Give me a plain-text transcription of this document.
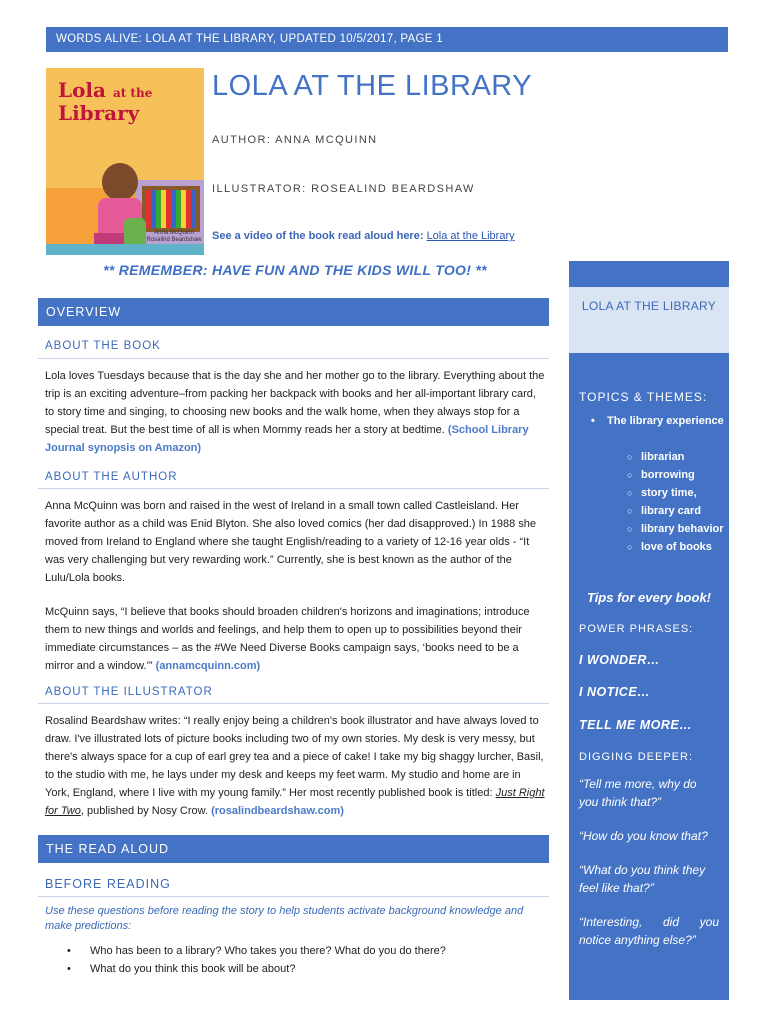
WORDS ALIVE: LOLA AT THE LIBRARY, UPDATED 10/5/2017, PAGE 1
Lola at the
Library
Anna McQuinn
Rosalind Beardshaw
LOLA AT THE LIBRARY
AUTHOR: ANNA MCQUINN
ILLUSTRATOR: ROSEALIND BEARDSHAW
See a video of the book read aloud here: Lola at the Library
** REMEMBER: HAVE FUN AND THE KIDS WILL TOO! **
OVERVIEW
ABOUT THE BOOK
Lola loves Tuesdays because that is the day she and her mother go to the library. Everything about the trip is an exciting adventure–from packing her backpack with books and her all-important library card, to story time and singing, to choosing new books and the walk home, when they always stop for a special treat. But the best time of all is when Mommy reads her a story at bedtime. (School Library Journal synopsis on Amazon)
ABOUT THE AUTHOR
Anna McQuinn was born and raised in the west of Ireland in a small town called Castleisland. Her favorite author as a child was Enid Blyton. She also loved comics (her dad disapproved.) In 1988 she moved from Ireland to England where she taught English/reading to a variety of 12-16 year olds - “It was very challenging but very rewarding work.” Currently, she is best known as the author of the Lulu/Lola books.
McQuinn says, “I believe that books should broaden children's horizons and imaginations; introduce them to new things and worlds and feelings, and help them to open up to possibilities beyond their immediate circumstances – as the #We Need Diverse Books campaign says, ‘books need to be a mirror and a window.’” (annamcquinn.com)
ABOUT THE ILLUSTRATOR
Rosalind Beardshaw writes: “I really enjoy being a children's book illustrator and have always loved to draw. I've illustrated lots of picture books including two of my own stories. My desk is very messy, but there's always space for a cup of earl grey tea and a piece of cake! I take my big shaggy lurcher, Basil, to the studio with me, he lays under my desk and keeps my feet warm. My studio and home are in York, England, where I live with my young family.” Her most recently published book is titled: Just Right for Two, published by Nosy Crow. (rosalindbeardshaw.com)
THE READ ALOUD
BEFORE READING
Use these questions before reading the story to help students activate background knowledge and make predictions:
• Who has been to a library? Who takes you there? What do you do there?
• What do you think this book will be about?
LOLA AT THE LIBRARY
TOPICS & THEMES:
• The library experience
○ librarian
○ borrowing
○ story time,
○ library card
○ library behavior
○ love of books
Tips for every book!
POWER PHRASES:
I WONDER…
I NOTICE…
TELL ME MORE…
DIGGING DEEPER:
“Tell me more, why do you think that?”
“How do you know that?
“What do you think they feel like that?”
“Interesting, did you notice anything else?”
